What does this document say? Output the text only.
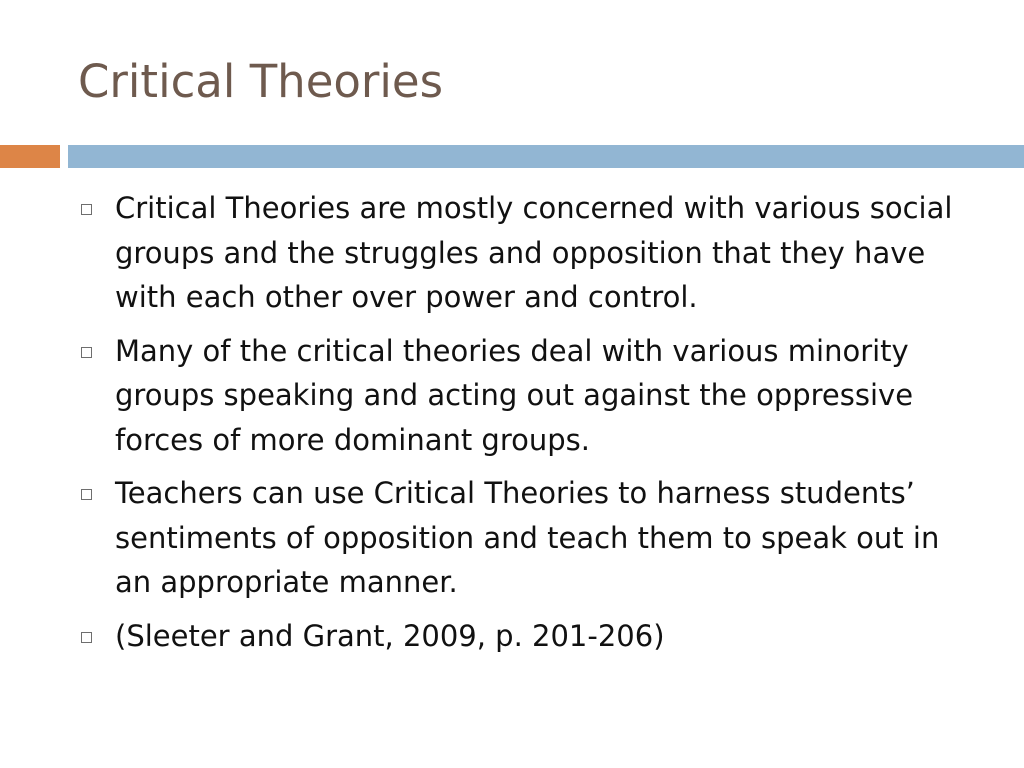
Critical Theories
Critical Theories are mostly concerned with various social groups and the struggles and opposition that they have with each other over power and control.
Many of the critical theories deal with various minority groups speaking and acting out against the oppressive forces of more dominant groups.
Teachers can use Critical Theories to harness students’ sentiments of opposition and teach them to speak out in an appropriate manner.
(Sleeter and Grant, 2009, p. 201-206)
